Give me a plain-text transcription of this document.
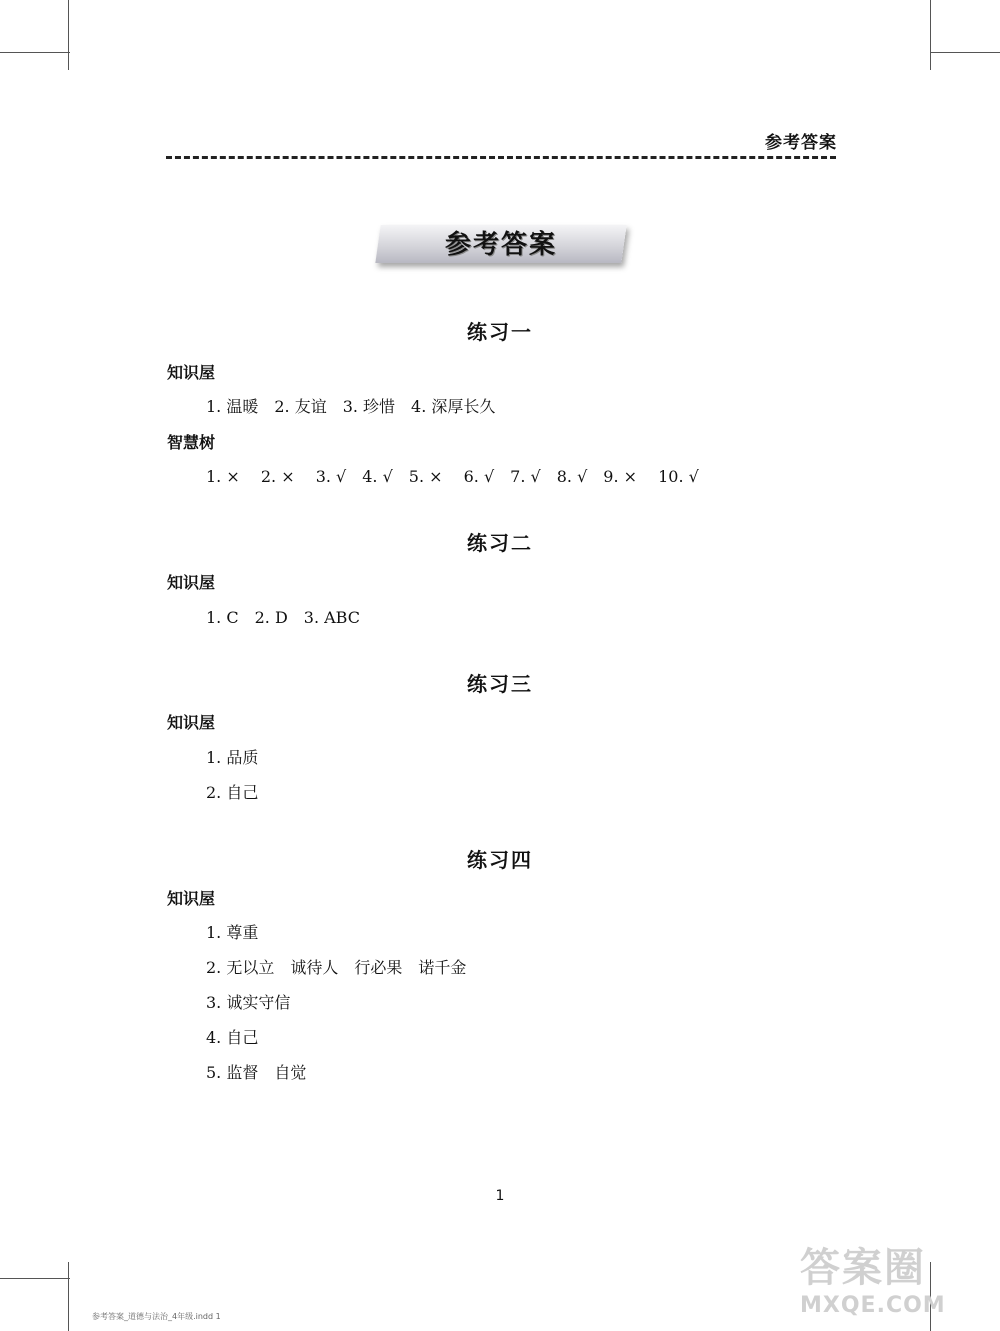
参考答案
参考答案
练习一
知识屋
1. 温暖　2. 友谊　3. 珍惜　4. 深厚长久
智慧树
1. ×　 2. ×　 3. √　4. √　5. ×　 6. √　7. √　8. √　9. ×　 10. √
练习二
知识屋
1. C　2. D　3. ABC
练习三
知识屋
1. 品质
2. 自己
练习四
知识屋
1. 尊重
2. 无以立　诚待人　行必果　诺千金
3. 诚实守信
4. 自己
5. 监督　自觉
1
参考答案_道德与法治_4年级.indd 1
答案圈
MXQE.COM
